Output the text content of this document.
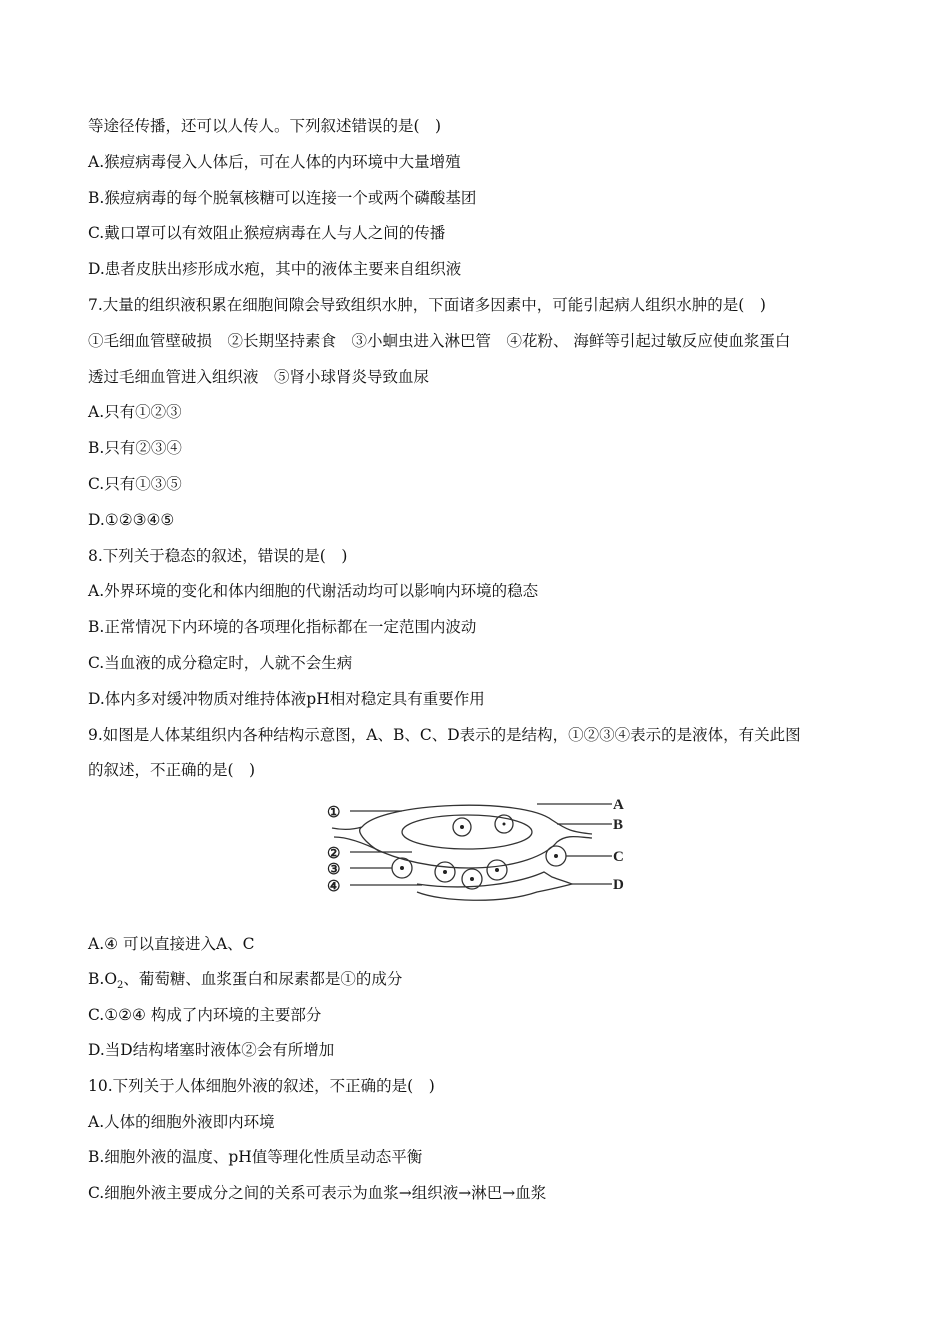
等途径传播，还可以人传人。下列叙述错误的是(　)
A.猴痘病毒侵入人体后，可在人体的内环境中大量增殖
B.猴痘病毒的每个脱氧核糖可以连接一个或两个磷酸基团
C.戴口罩可以有效阻止猴痘病毒在人与人之间的传播
D.患者皮肤出疹形成水疱，其中的液体主要来自组织液
7.大量的组织液积累在细胞间隙会导致组织水肿，下面诸多因素中，可能引起病人组织水肿的是(　)
①毛细血管壁破损　②长期坚持素食　③小蛔虫进入淋巴管　④花粉、 海鲜等引起过敏反应使血浆蛋白
透过毛细血管进入组织液　⑤肾小球肾炎导致血尿
A.只有①②③
B.只有②③④
C.只有①③⑤
D.①②③④⑤
8.下列关于稳态的叙述，错误的是(　)
A.外界环境的变化和体内细胞的代谢活动均可以影响内环境的稳态
B.正常情况下内环境的各项理化指标都在一定范围内波动
C.当血液的成分稳定时，人就不会生病
D.体内多对缓冲物质对维持体液pH相对稳定具有重要作用
9.如图是人体某组织内各种结构示意图，A、B、C、D表示的是结构，①②③④表示的是液体，有关此图
的叙述，不正确的是(　)
①
②
③
④
A
B
C
D
A.④ 可以直接进入A、C
$B.O_2$、葡萄糖、血浆蛋白和尿素都是①的成分
C.①②④ 构成了内环境的主要部分
D.当D结构堵塞时液体②会有所增加
10.下列关于人体细胞外液的叙述，不正确的是(　)
A.人体的细胞外液即内环境
B.细胞外液的温度、pH值等理化性质呈动态平衡
C.细胞外液主要成分之间的关系可表示为血浆→组织液→淋巴→血浆
